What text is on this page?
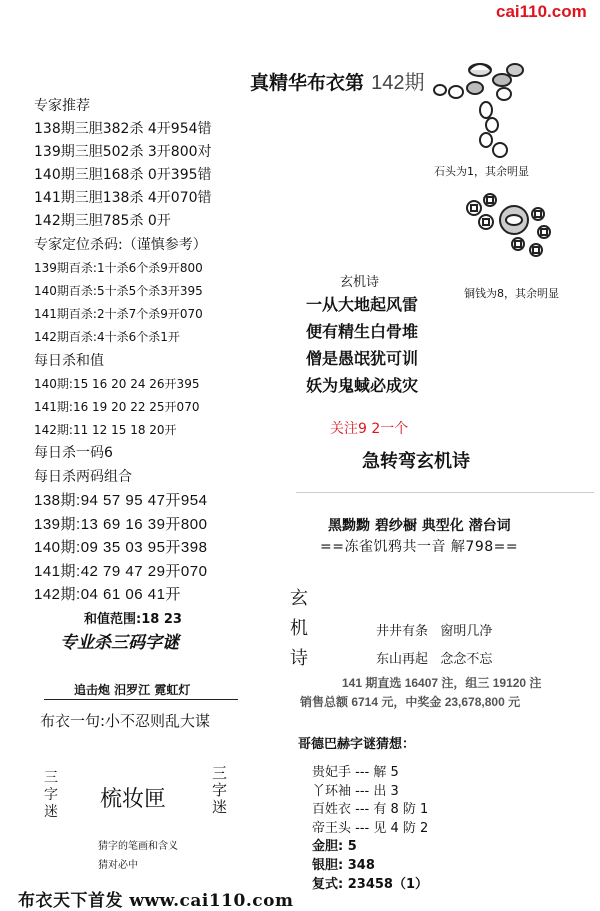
cai110.com
真精华布衣第 142期
石头为1，其余明显
铜钱为8，其余明显
专家推荐
138期三胆382杀 4开954错
139期三胆502杀 3开800对
140期三胆168杀 0开395错
141期三胆138杀 4开070错
142期三胆785杀 0开
专家定位杀码:（谨慎参考）
139期百杀:1十杀6个杀9开800
140期百杀:5十杀5个杀3开395
141期百杀:2十杀7个杀9开070
142期百杀:4十杀6个杀1开
每日杀和值
140期:15 16 20 24 26开395
141期:16 19 20 22 25开070
142期:11 12 15 18 20开
每日杀一码6
每日杀两码组合
138期:94 57 95 47开954
139期:13 69 16 39开800
140期:09 35 03 95开398
141期:42 79 47 29开070
142期:04 61 06 41开
和值范围:18 23
专业杀三码字谜
追击炮 汨罗江 霓虹灯
布衣一句:小不忍则乱大谋
三字迷 梳妆匣
三字迷
猜字的笔画和含义
猜对必中
玄机诗
一从大地起风雷
便有精生白骨堆
僧是愚氓犹可训
妖为鬼蜮必成灾
关注9 2一个
急转弯玄机诗
黑黝黝 碧纱橱 典型化 潜台词
==冻雀饥鸦共一音 解798==
玄
机
诗
井井有条   窗明几净
东山再起   念念不忘
141 期直选 16407 注，组三 19120 注
销售总额 6714 元，中奖金 23,678,800 元
哥德巴赫字谜猜想：
贵妃手 --- 解 5
丫环袖 --- 出 3
百姓衣 --- 有 8 防 1
帝王头 --- 见 4 防 2
金胆: 5
银胆: 348
复式: 23458（1）
布衣天下首发 www.cai110.com
